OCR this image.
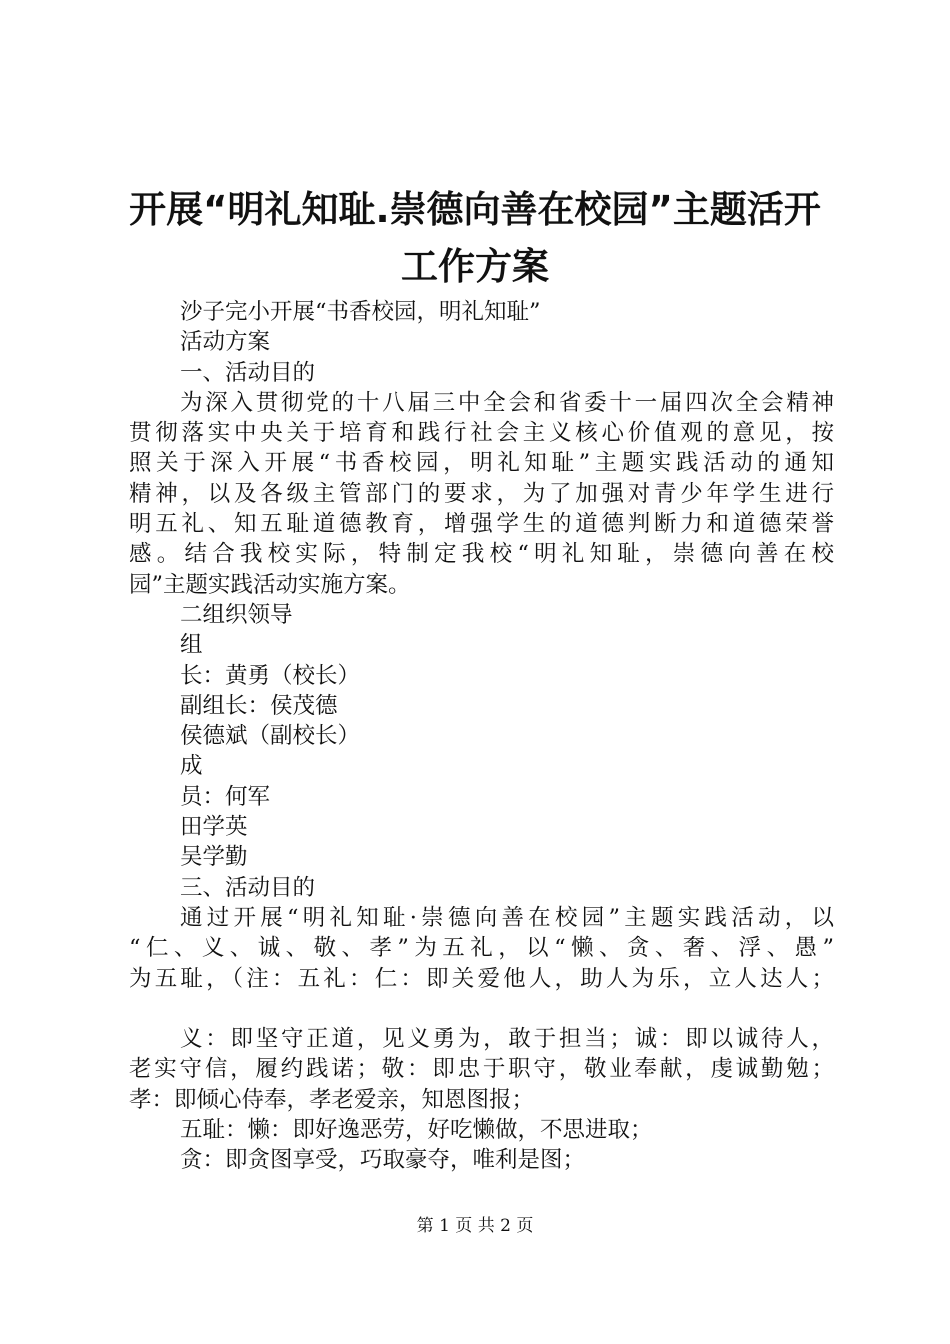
开展“明礼知耻.崇德向善在校园”主题活开
工作方案
沙子完小开展“书香校园，明礼知耻”
活动方案
一、活动目的
为深入贯彻党的十八届三中全会和省委十一届四次全会精神
贯彻落实中央关于培育和践行社会主义核心价值观的意见，按
照关于深入开展“书香校园，明礼知耻”主题实践活动的通知
精神，以及各级主管部门的要求，为了加强对青少年学生进行
明五礼、知五耻道德教育，增强学生的道德判断力和道德荣誉
感。结合我校实际，特制定我校“明礼知耻，崇德向善在校
园”主题实践活动实施方案。
二组织领导
组
长：黄勇（校长）
副组长：侯茂德
侯德斌（副校长）
成
员：何军
田学英
吴学勤
三、活动目的
通过开展“明礼知耻·崇德向善在校园”主题实践活动，以
“仁、义、诚、敬、孝”为五礼，以“懒、贪、奢、浮、愚”
为五耻，（注：五礼：仁：即关爱他人，助人为乐，立人达人；
义：即坚守正道，见义勇为，敢于担当；诚：即以诚待人，
老实守信，履约践诺；敬：即忠于职守，敬业奉献，虔诚勤勉；
孝：即倾心侍奉，孝老爱亲，知恩图报；
五耻：懒：即好逸恶劳，好吃懒做，不思进取；
贪：即贪图享受，巧取豪夺，唯利是图；
第 1 页 共 2 页
